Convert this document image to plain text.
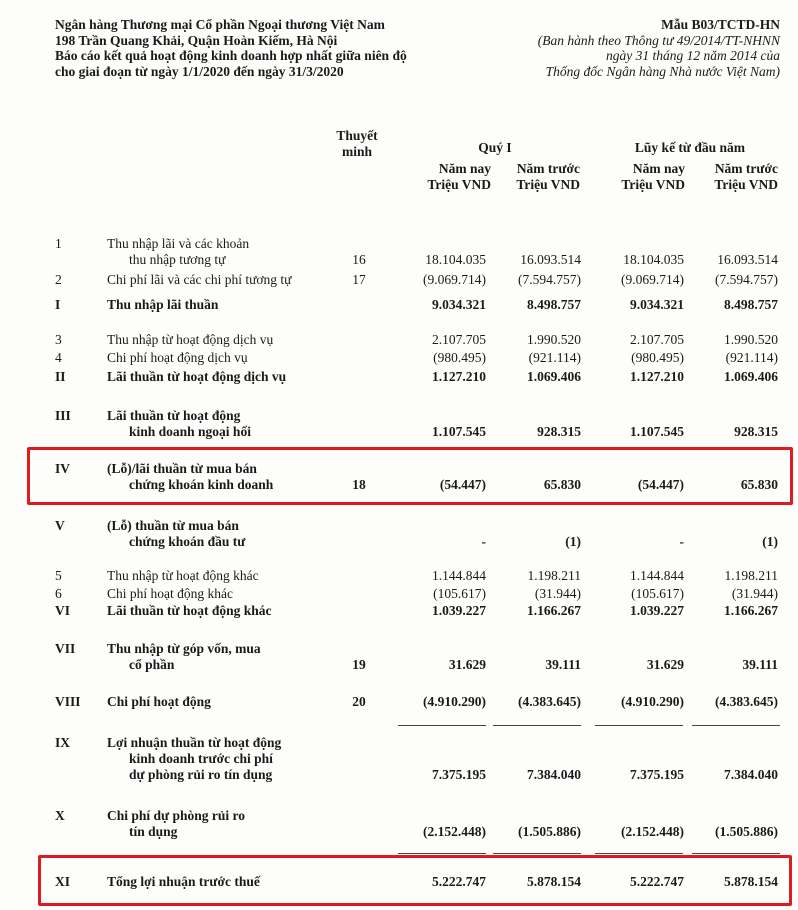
Ngân hàng Thương mại Cổ phần Ngoại thương Việt Nam
198 Trần Quang Khải, Quận Hoàn Kiếm, Hà Nội
Báo cáo kết quả hoạt động kinh doanh hợp nhất giữa niên độ
cho giai đoạn từ ngày 1/1/2020 đến ngày 31/3/2020
Mẫu B03/TCTD-HN
(Ban hành theo Thông tư 49/2014/TT-NHNN
ngày 31 tháng 12 năm 2014 của
Thống đốc Ngân hàng Nhà nước Việt Nam)
Thuyết
minh	Quý I	Lũy kế từ đầu năm
Năm nay
Triệu VND
Năm trước
Triệu VND
Năm nay
Triệu VND
Năm trước
Triệu VND
1	Thu nhập lãi và các khoản
thu nhập tương tự	16	18.104.035	16.093.514	18.104.035	16.093.514
2	Chi phí lãi và các chi phí tương tự	17	(9.069.714)	(7.594.757)	(9.069.714)	(7.594.757)
I	Thu nhập lãi thuần	9.034.321	8.498.757	9.034.321	8.498.757
3	Thu nhập từ hoạt động dịch vụ	2.107.705	1.990.520	2.107.705	1.990.520
4	Chi phí hoạt động dịch vụ	(980.495)	(921.114)	(980.495)	(921.114)
II	Lãi thuần từ hoạt động dịch vụ	1.127.210	1.069.406	1.127.210	1.069.406
III	Lãi thuần từ hoạt động
kinh doanh ngoại hối	1.107.545	928.315	1.107.545	928.315
IV	(Lỗ)/lãi thuần từ mua bán
chứng khoán kinh doanh	18	(54.447)	65.830	(54.447)	65.830
V	(Lỗ) thuần từ mua bán
chứng khoán đầu tư	-	(1)	-	(1)
5	Thu nhập từ hoạt động khác	1.144.844	1.198.211	1.144.844	1.198.211
6	Chi phí hoạt động khác	(105.617)	(31.944)	(105.617)	(31.944)
VI	Lãi thuần từ hoạt động khác	1.039.227	1.166.267	1.039.227	1.166.267
VII Thu nhập từ góp vốn, mua
cổ phần	19	31.629	39.111	31.629	39.111
VIII Chi phí hoạt động	20	(4.910.290)	(4.383.645)	(4.910.290)	(4.383.645)
IX	Lợi nhuận thuần từ hoạt động
kinh doanh trước chi phí
dự phòng rủi ro tín dụng	7.375.195	7.384.040	7.375.195	7.384.040
X	Chi phí dự phòng rủi ro
tín dụng	(2.152.448)	(1.505.886)	(2.152.448)	(1.505.886)
XI	Tổng lợi nhuận trước thuế	5.222.747	5.878.154	5.222.747	5.878.154
